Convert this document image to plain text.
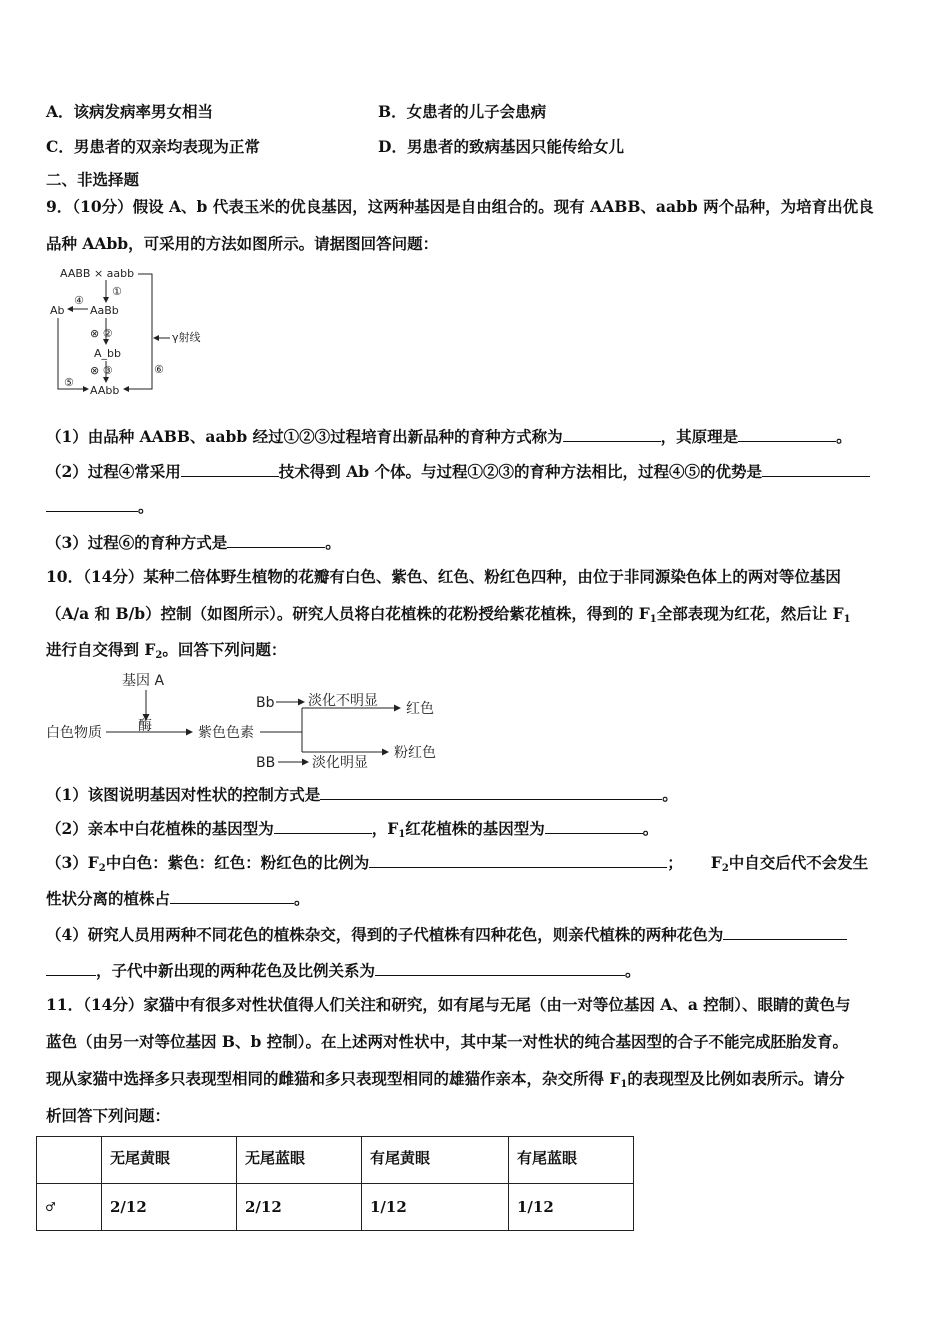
A．该病发病率男女相当	B．女患者的儿子会患病
C．男患者的双亲均表现为正常	D．男患者的致病基因只能传给女儿
二、非选择题
9．（10分）假设 A、b 代表玉米的优良基因，这两种基因是自由组合的。现有 AABB、aabb 两个品种，为培育出优良
品种 AAbb，可采用的方法如图所示。请据图回答问题：
AABB × aabb
①
AaBb
④
Ab
⊗ ②
A_bb
⊗ ③
AAbb
⑤
⑥
γ射线
（1）由品种 AABB、aabb 经过①②③过程培育出新品种的育种方式称为	，其原理是	。
（2）过程④常采用	技术得到 Ab 个体。与过程①②③的育种方法相比，过程④⑤的优势是
。
（3）过程⑥的育种方式是	。
10．（14分）某种二倍体野生植物的花瓣有白色、紫色、红色、粉红色四种，由位于非同源染色体上的两对等位基因
（A/a 和 B/b）控制（如图所示）。研究人员将白花植株的花粉授给紫花植株，得到的 $F_1$全部表现为红花，然后让 $F_1$
进行自交得到 $F_2$。回答下列问题：
基因 A
酶
白色物质	紫色色素
Bb 淡化不明显 红色
BB	淡化明显
粉红色
（1）该图说明基因对性状的控制方式是	。
（2）亲本中白花植株的基因型为	，$F_1$红花植株的基因型为	。
$(3)F_2$中白色：紫色：红色：粉红色的比例为	； $F_2$中自交后代不会发生
性状分离的植株占	。
（4）研究人员用两种不同花色的植株杂交，得到的子代植株有四种花色，则亲代植株的两种花色为
，子代中新出现的两种花色及比例关系为	。
11．（14分）家猫中有很多对性状值得人们关注和研究，如有尾与无尾（由一对等位基因 A、a 控制）、眼睛的黄色与
蓝色（由另一对等位基因 B、b 控制）。在上述两对性状中，其中某一对性状的纯合基因型的合子不能完成胚胎发育。
现从家猫中选择多只表现型相同的雌猫和多只表现型相同的雄猫作亲本，杂交所得 $F_1$的表现型及比例如表所示。请分
析回答下列问题：
	无尾黄眼	无尾蓝眼	有尾黄眼	有尾蓝眼
♂	2/12	2/12	1/12	1/12
